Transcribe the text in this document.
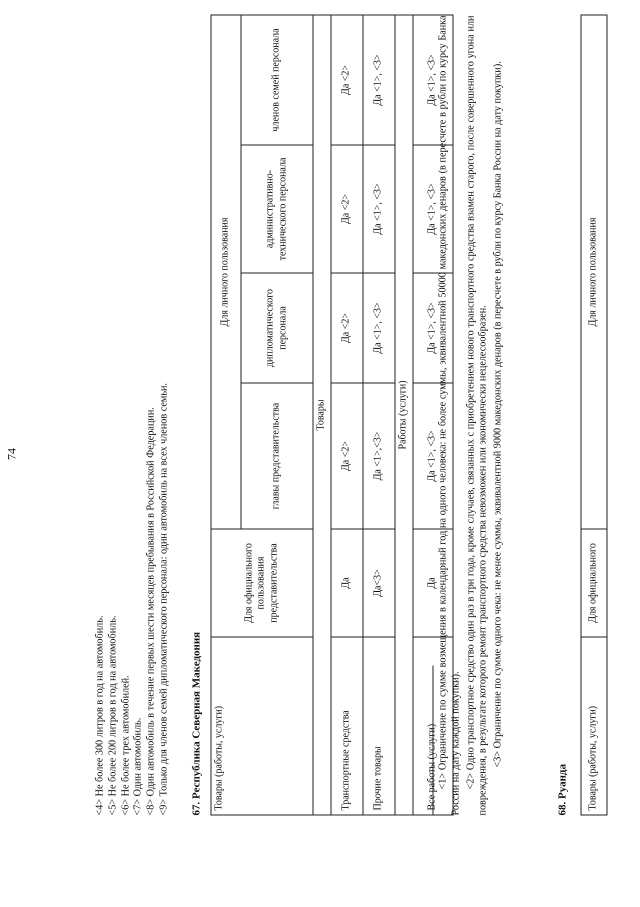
74
<4> Не более 300 литров в год на автомобиль. <5> Не более 200 литров в год на автомобиль. <6> Не более трех автомобилей. <7> Один автомобиль. <8> Один автомобиль в течение первых шести месяцев пребывания в Российской Федерации. <9> Только для членов семей дипломатического персонала: один автомобиль на всех членов семьи. 67. Республика Северная Македония Товары (работы, услуги)	Для официального пользования представительства	Для личного пользования			
		главы представительства	дипломатического персонала	административно-технического персонала	членов семей персонала
Товары					
Транспортные средства	Да	Да <2>	Да <2>	Да <2>	Да <2>
Прочие товары	Да<3>	Да <1>,<3>	Да <1>, <3>	Да <1>, <3>	Да <1>, <3>
Работы (услуги)					
Все работы (услуги)	Да	Да <1>, <3>	Да <1>, <3>	Да <1>, <3>	Да <1>, <3> <1> Ограничение по сумме возмещения в календарный год на одного человека: не более суммы, эквивалентной 50000 македонских денаров (в пересчете в рубли по курсу Банка России на дату каждой покупки). <2> Одно транспортное средство один раз в три года, кроме случаев, связанных с приобретением нового транспортного средства взамен старого, после совершенного угона или повреждения, в результате которого ремонт транспортного средства невозможен или экономически нецелесообразен. <3> Ограничение по сумме одного чека: не менее суммы, эквивалентной 9000 македонских денаров (в пересчете в рубли по курсу Банка России на дату покупки).

68. Руанда Товары (работы, услуги)	Для официального	Для личного пользования
